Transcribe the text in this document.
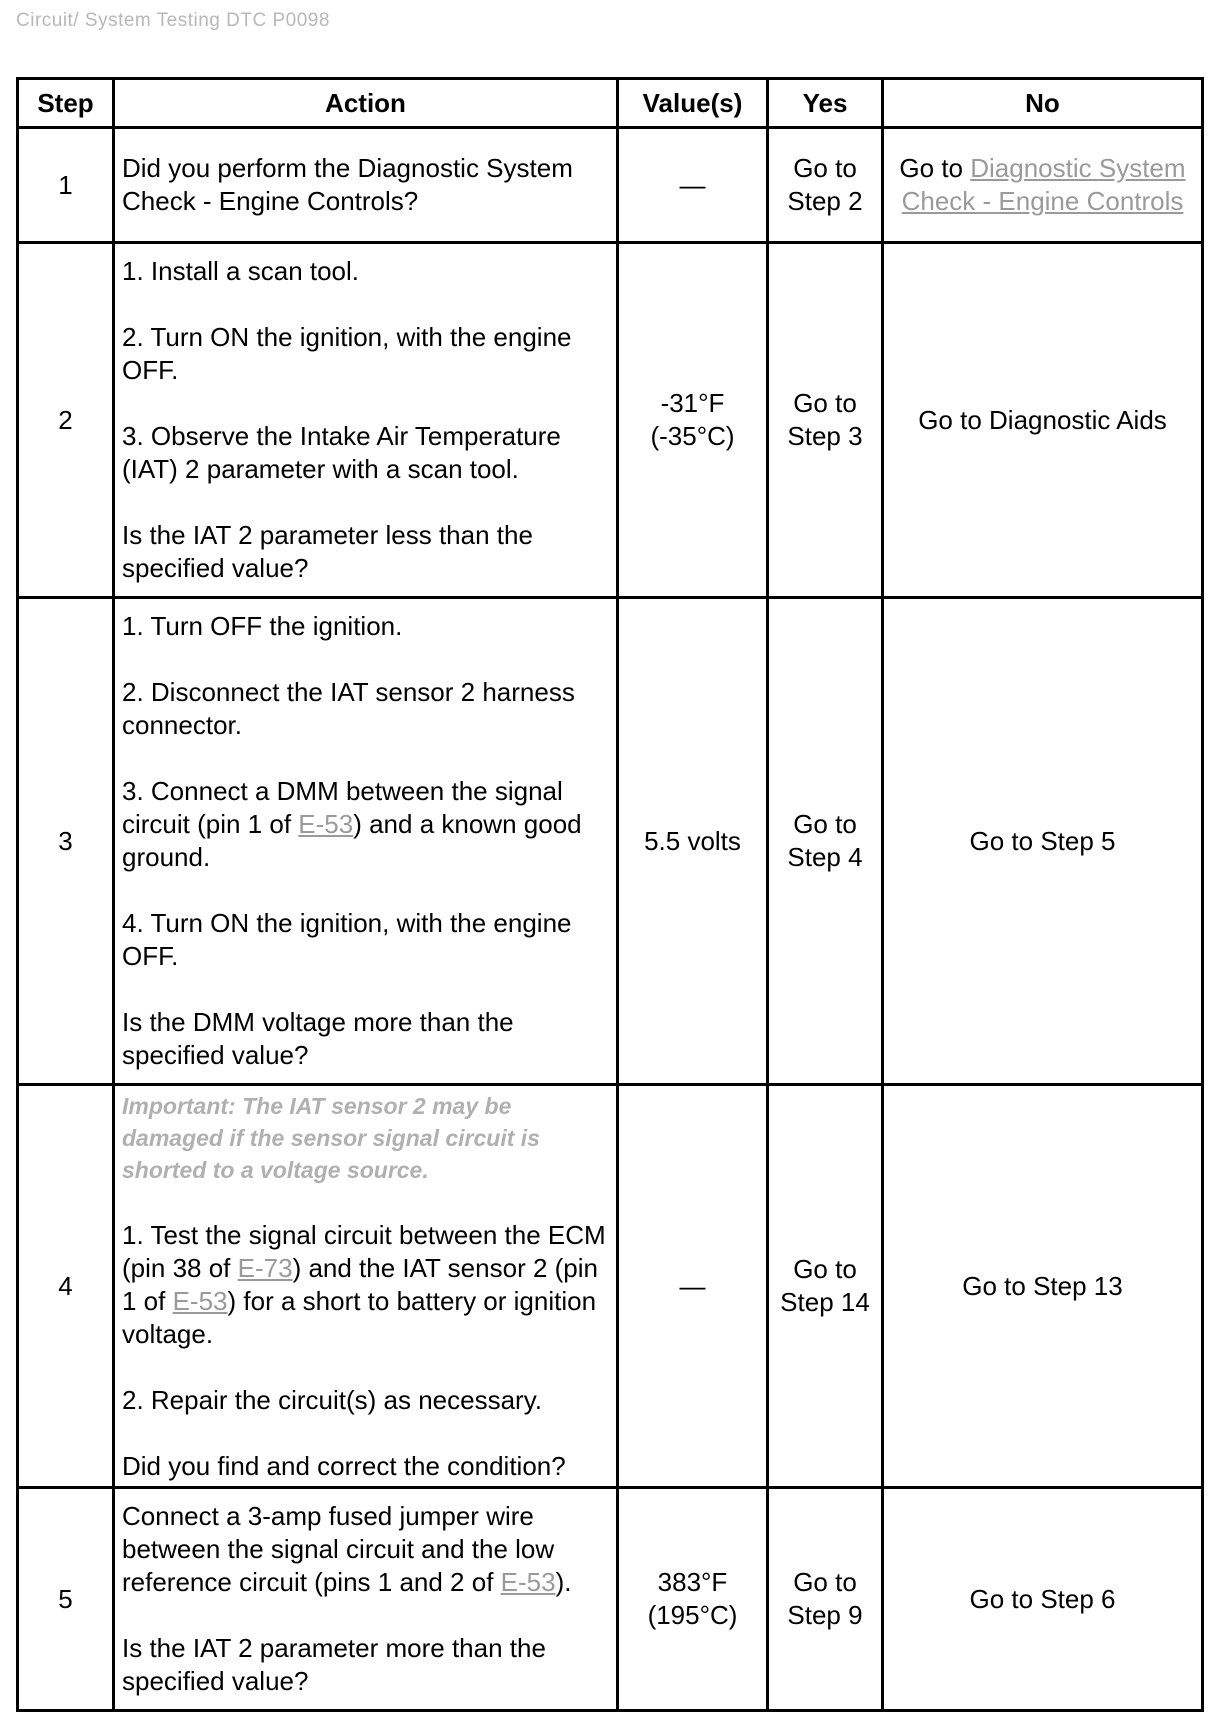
Circuit/ System Testing DTC P0098
Step	Action	Value(s)	Yes	No
1	Did you perform the Diagnostic System Check - Engine Controls?	—	Go to Step 2	Go to Diagnostic System Check - Engine Controls
2	1. Install a scan tool.
2. Turn ON the ignition, with the engine OFF.
3. Observe the Intake Air Temperature (IAT) 2 parameter with a scan tool.
Is the IAT 2 parameter less than the specified value?	-31°F (-35°C)	Go to Step 3	Go to Diagnostic Aids
3	1. Turn OFF the ignition.
2. Disconnect the IAT sensor 2 harness connector.
3. Connect a DMM between the signal circuit (pin 1 of E-53) and a known good ground.
4. Turn ON the ignition, with the engine OFF.
Is the DMM voltage more than the specified value?	5.5 volts	Go to Step 4	Go to Step 5
4	Important: The IAT sensor 2 may be damaged if the sensor signal circuit is shorted to a voltage source.
1. Test the signal circuit between the ECM (pin 38 of E-73) and the IAT sensor 2 (pin 1 of E-53) for a short to battery or ignition voltage.
2. Repair the circuit(s) as necessary.
Did you find and correct the condition?	—	Go to Step 14	Go to Step 13
5	Connect a 3-amp fused jumper wire between the signal circuit and the low reference circuit (pins 1 and 2 of E-53).
Is the IAT 2 parameter more than the specified value?	383°F (195°C)	Go to Step 9	Go to Step 6
